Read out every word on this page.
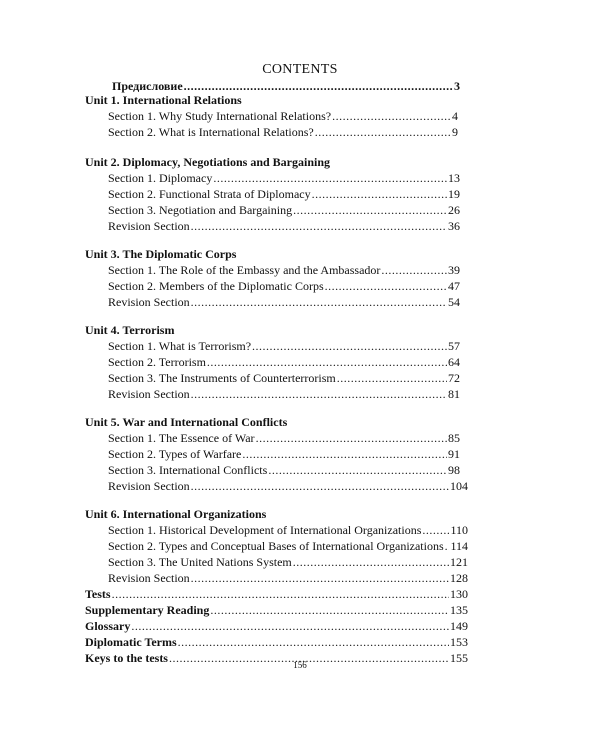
CONTENTS
Предисловие .....	3
Unit 1. International Relations
Section 1. Why Study International Relations? .....	4
Section 2. What is International Relations? .....	9
Unit 2. Diplomacy, Negotiations and Bargaining
Section 1. Diplomacy .....	13
Section 2. Functional Strata of Diplomacy .....	19
Section 3. Negotiation and Bargaining .....	26
Revision Section .....	36
Unit 3. The Diplomatic Corps
Section 1. The Role of the Embassy and the Ambassador .....	39
Section 2. Members of the Diplomatic Corps .....	47
Revision Section .....	54
Unit 4. Terrorism
Section 1. What is Terrorism? .....	57
Section 2. Terrorism .....	64
Section 3. The Instruments of Counterterrorism .....	72
Revision Section .....	81
Unit 5. War and International Conflicts
Section 1. The Essence of War .....	85
Section 2. Types of Warfare .....	91
Section 3. International Conflicts .....	98
Revision Section .....	104
Unit 6. International Organizations
Section 1. Historical Development of International Organizations ..... 110
Section 2. Types and Conceptual Bases of International Organizations ..... 114
Section 3. The United Nations System .....	121
Revision Section .....	128
Tests .....	130
Supplementary Reading .....	135
Glossary .....	149
Diplomatic Terms .....	153
Keys to the tests .....	155
156
